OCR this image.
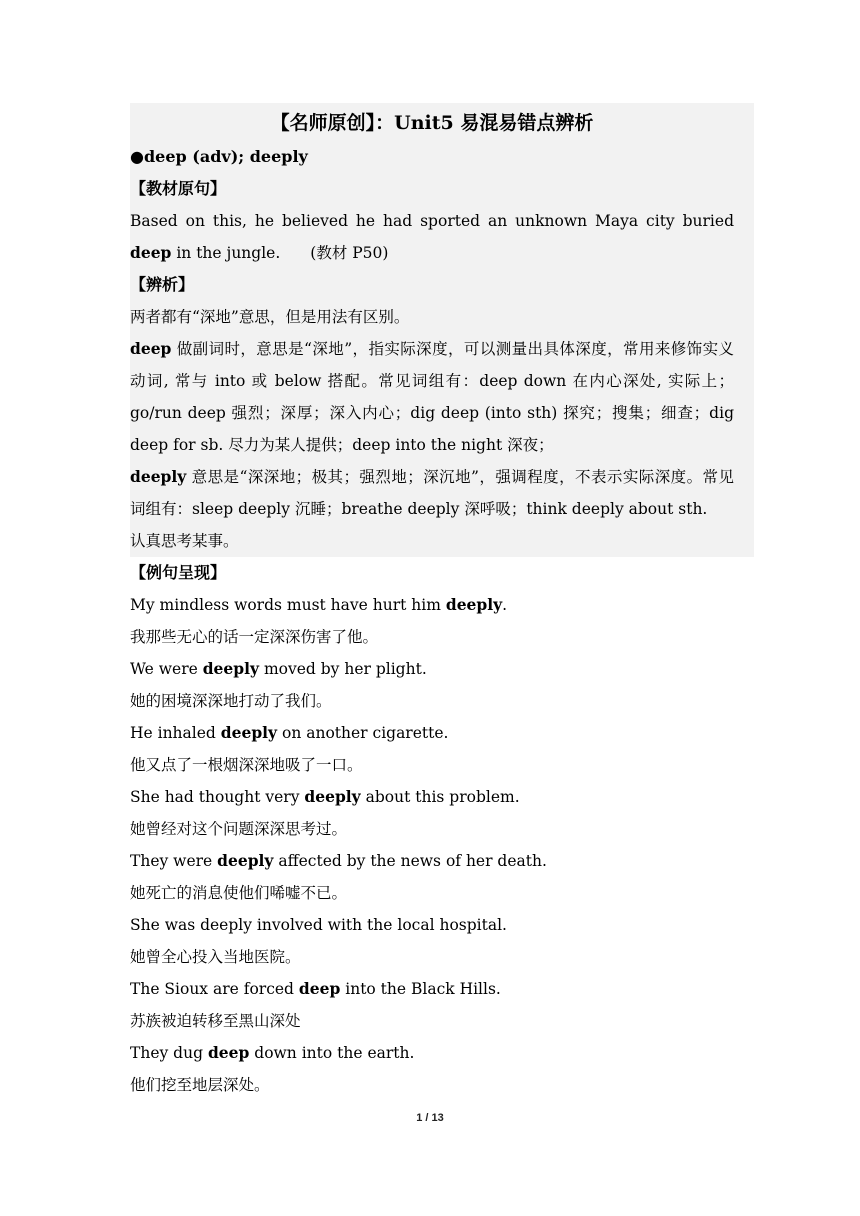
【名师原创】：Unit5 易混易错点辨析
●deep (adv); deeply
【教材原句】
Based on this, he believed he had sported an unknown Maya city buried deep in the jungle. (教材 P50)
【辨析】
两者都有“深地”意思，但是用法有区别。
deep 做副词时，意思是“深地”，指实际深度，可以测量出具体深度，常用来修饰实义动词, 常与 into 或 below 搭配。常见词组有：deep down 在内心深处, 实际上；go/run deep 强烈；深厚；深入内心；dig deep (into sth) 探究；搜集；细查；dig deep for sb. 尽力为某人提供；deep into the night 深夜；
deeply 意思是“深深地；极其；强烈地；深沉地”，强调程度，不表示实际深度。常见词组有：sleep deeply 沉睡；breathe deeply 深呼吸；think deeply about sth.
认真思考某事。
【例句呈现】
My mindless words must have hurt him deeply.
我那些无心的话一定深深伤害了他。
We were deeply moved by her plight.
她的困境深深地打动了我们。
He inhaled deeply on another cigarette.
他又点了一根烟深深地吸了一口。
She had thought very deeply about this problem.
她曾经对这个问题深深思考过。
They were deeply affected by the news of her death.
她死亡的消息使他们唏嘘不已。
She was deeply involved with the local hospital.
她曾全心投入当地医院。
The Sioux are forced deep into the Black Hills.
苏族被迫转移至黑山深处
They dug deep down into the earth.
他们挖至地层深处。
1 / 13
